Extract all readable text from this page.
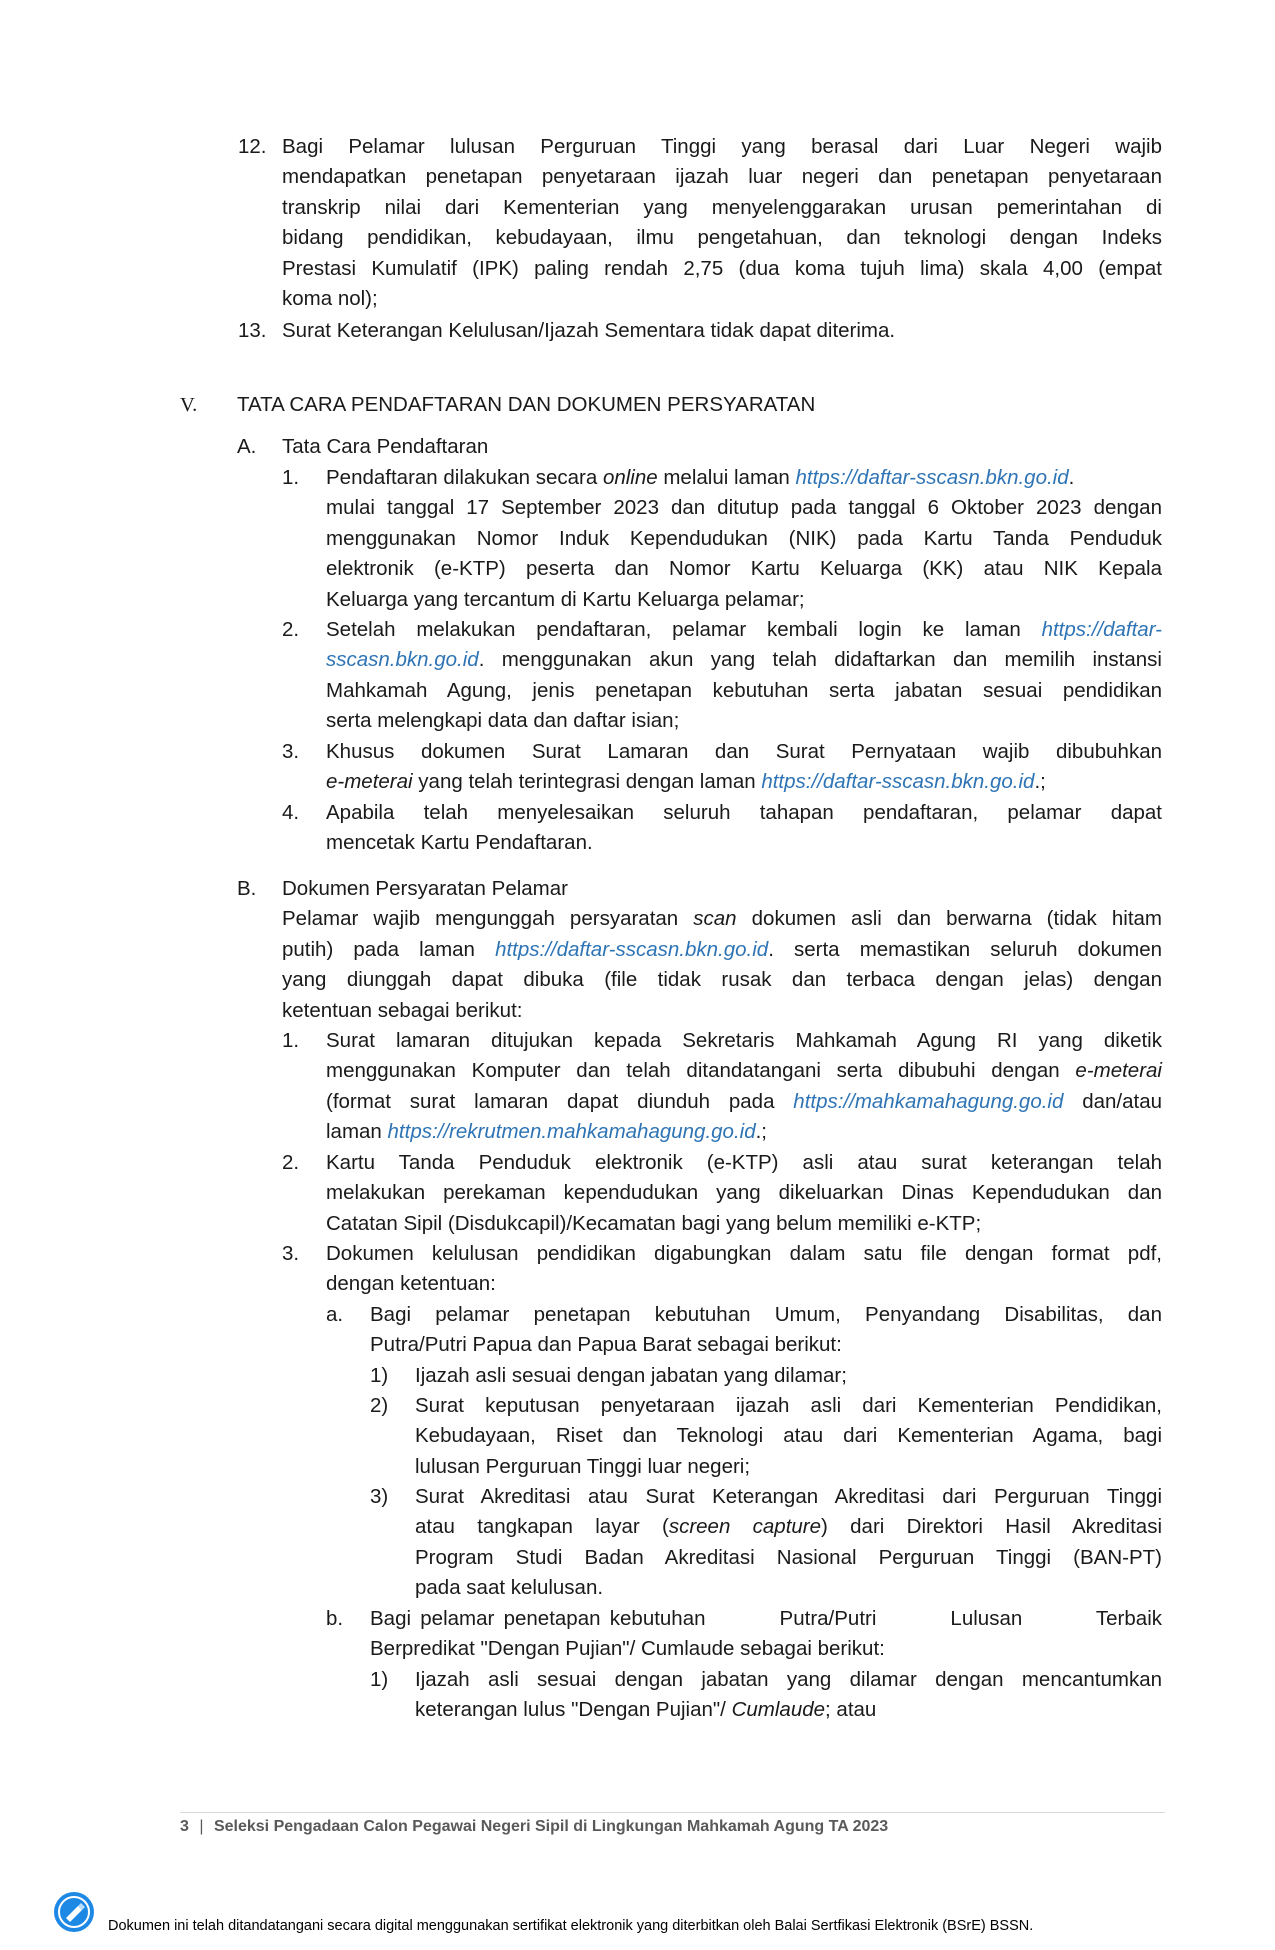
12. Bagi Pelamar lulusan Perguruan Tinggi yang berasal dari Luar Negeri wajib
mendapatkan penetapan penyetaraan ijazah luar negeri dan penetapan penyetaraan
transkrip nilai dari Kementerian yang menyelenggarakan urusan pemerintahan di
bidang pendidikan, kebudayaan, ilmu pengetahuan, dan teknologi dengan Indeks
Prestasi Kumulatif (IPK) paling rendah 2,75 (dua koma tujuh lima) skala 4,00 (empat
koma nol);
13. Surat Keterangan Kelulusan/Ijazah Sementara tidak dapat diterima.
V. TATA CARA PENDAFTARAN DAN DOKUMEN PERSYARATAN
A. Tata Cara Pendaftaran
1. Pendaftaran dilakukan secara online melalui laman https://daftar-sscasn.bkn.go.id.
mulai tanggal 17 September 2023 dan ditutup pada tanggal 6 Oktober 2023 dengan
menggunakan Nomor Induk Kependudukan (NIK) pada Kartu Tanda Penduduk
elektronik (e-KTP) peserta dan Nomor Kartu Keluarga (KK) atau NIK Kepala
Keluarga yang tercantum di Kartu Keluarga pelamar;
2. Setelah melakukan pendaftaran, pelamar kembali login ke laman https://daftar-
sscasn.bkn.go.id. menggunakan akun yang telah didaftarkan dan memilih instansi
Mahkamah Agung, jenis penetapan kebutuhan serta jabatan sesuai pendidikan
serta melengkapi data dan daftar isian;
3. Khusus dokumen Surat Lamaran dan Surat Pernyataan wajib dibubuhkan
e-meterai yang telah terintegrasi dengan laman https://daftar-sscasn.bkn.go.id.;
4. Apabila telah menyelesaikan seluruh tahapan pendaftaran, pelamar dapat
mencetak Kartu Pendaftaran.
B. Dokumen Persyaratan Pelamar
Pelamar wajib mengunggah persyaratan scan dokumen asli dan berwarna (tidak hitam
putih) pada laman https://daftar-sscasn.bkn.go.id. serta memastikan seluruh dokumen
yang diunggah dapat dibuka (file tidak rusak dan terbaca dengan jelas) dengan
ketentuan sebagai berikut:
1. Surat lamaran ditujukan kepada Sekretaris Mahkamah Agung RI yang diketik
menggunakan Komputer dan telah ditandatangani serta dibubuhi dengan e-meterai
(format surat lamaran dapat diunduh pada https://mahkamahagung.go.id dan/atau
laman https://rekrutmen.mahkamahagung.go.id.;
2. Kartu Tanda Penduduk elektronik (e-KTP) asli atau surat keterangan telah
melakukan perekaman kependudukan yang dikeluarkan Dinas Kependudukan dan
Catatan Sipil (Disdukcapil)/Kecamatan bagi yang belum memiliki e-KTP;
3. Dokumen kelulusan pendidikan digabungkan dalam satu file dengan format pdf,
dengan ketentuan:
a. Bagi pelamar penetapan kebutuhan Umum, Penyandang Disabilitas, dan
Putra/Putri Papua dan Papua Barat sebagai berikut:
1) Ijazah asli sesuai dengan jabatan yang dilamar;
2) Surat keputusan penyetaraan ijazah asli dari Kementerian Pendidikan,
Kebudayaan, Riset dan Teknologi atau dari Kementerian Agama, bagi
lulusan Perguruan Tinggi luar negeri;
3) Surat Akreditasi atau Surat Keterangan Akreditasi dari Perguruan Tinggi
atau tangkapan layar (screen capture) dari Direktori Hasil Akreditasi
Program Studi Badan Akreditasi Nasional Perguruan Tinggi (BAN-PT)
pada saat kelulusan.
b. Bagi pelamar penetapan kebutuhan        Putra/Putri        Lulusan        Terbaik
Berpredikat "Dengan Pujian"/ Cumlaude sebagai berikut:
1) Ijazah asli sesuai dengan jabatan yang dilamar dengan mencantumkan
keterangan lulus "Dengan Pujian"/ Cumlaude; atau
3 | Seleksi Pengadaan Calon Pegawai Negeri Sipil di Lingkungan Mahkamah Agung TA 2023
Dokumen ini telah ditandatangani secara digital menggunakan sertifikat elektronik yang diterbitkan oleh Balai Sertfikasi Elektronik (BSrE) BSSN.
